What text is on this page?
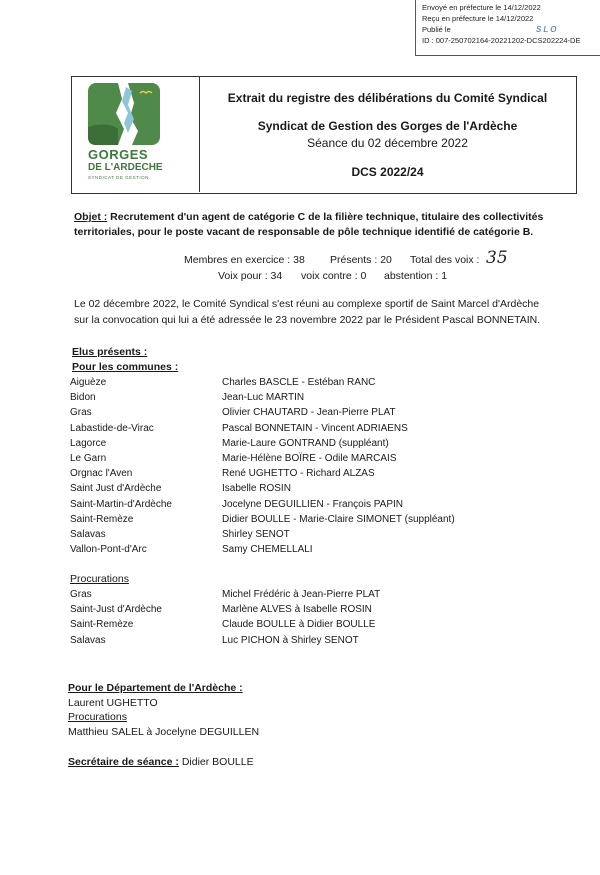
Envoyé en préfecture le 14/12/2022
Reçu en préfecture le 14/12/2022
Publié le
ID : 007-250702164-20221202-DCS202224-DE
SLO
GORGES
DE L'ARDECHE
SYNDICAT DE GESTION
Extrait du registre des délibérations du Comité Syndical
Syndicat de Gestion des Gorges de l'Ardèche
Séance du 02 décembre 2022
DCS 2022/24
Objet : Recrutement d'un agent de catégorie C de la filière technique, titulaire des collectivités territoriales, pour le poste vacant de responsable de pôle technique identifié de catégorie B.
Membres en exercice : 38 Présents : 20 Total des voix : 35
Voix pour : 34 voix contre : 0 abstention : 1
Le 02 décembre 2022, le Comité Syndical s'est réuni au complexe sportif de Saint Marcel d'Ardèche
sur la convocation qui lui a été adressée le 23 novembre 2022 par le Président Pascal BONNETAIN.
Elus présents :
Pour les communes :
Aiguèze	Charles BASCLE - Estéban RANC
Bidon	Jean-Luc MARTIN
Gras	Olivier CHAUTARD - Jean-Pierre PLAT
Labastide-de-Virac	Pascal BONNETAIN - Vincent ADRIAENS
Lagorce	Marie-Laure GONTRAND (suppléant)
Le Garn	Marie-Hélène BOÏRE - Odile MARCAIS
Orgnac l'Aven	René UGHETTO - Richard ALZAS
Saint Just d'Ardèche	Isabelle ROSIN
Saint-Martin-d'Ardèche	Jocelyne DEGUILLIEN - François PAPIN
Saint-Remèze	Didier BOULLE - Marie-Claire SIMONET (suppléant)
Salavas	Shirley SENOT
Vallon-Pont-d'Arc	Samy CHEMELLALI
Procurations
Gras	Michel Frédéric à Jean-Pierre PLAT
Saint-Just d'Ardèche	Marlène ALVES à Isabelle ROSIN
Saint-Remèze	Claude BOULLE à Didier BOULLE
Salavas	Luc PICHON à Shirley SENOT
Pour le Département de l'Ardèche :
Laurent UGHETTO
Procurations
Matthieu SALEL à Jocelyne DEGUILLEN
Secrétaire de séance : Didier BOULLE
